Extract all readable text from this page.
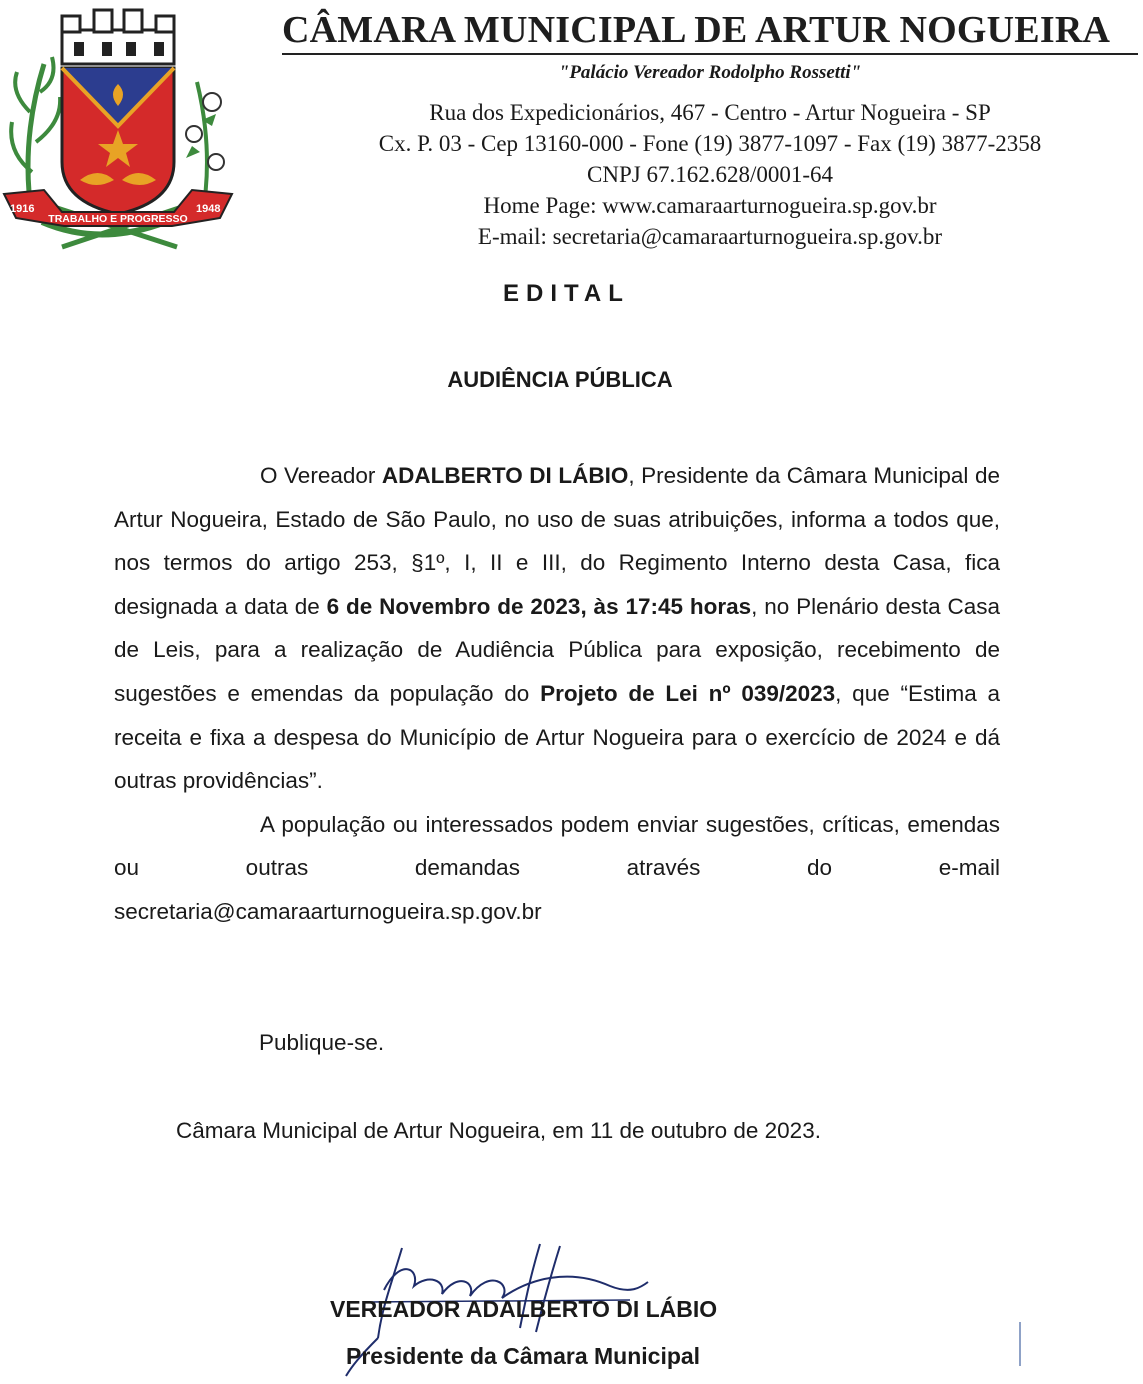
1916
TRABALHO E PROGRESSO
1948
CÂMARA MUNICIPAL DE ARTUR NOGUEIRA
"Palácio Vereador Rodolpho Rossetti"
Rua dos Expedicionários, 467 - Centro - Artur Nogueira - SP
Cx. P. 03 - Cep 13160-000 - Fone (19) 3877-1097 - Fax (19) 3877-2358
CNPJ 67.162.628/0001-64
Home Page: www.camaraarturnogueira.sp.gov.br
E-mail: secretaria@camaraarturnogueira.sp.gov.br
EDITAL
AUDIÊNCIA PÚBLICA

O Vereador ADALBERTO DI LÁBIO, Presidente da Câmara Municipal de Artur Nogueira, Estado de São Paulo, no uso de suas atribuições, informa a todos que, nos termos do artigo 253, §1º, I, II e III, do Regimento Interno desta Casa, fica designada a data de 6 de Novembro de 2023, às 17:45 horas, no Plenário desta Casa de Leis, para a realização de Audiência Pública para exposição, recebimento de sugestões e emendas da população do Projeto de Lei nº 039/2023, que “Estima a receita e fixa a despesa do Município de Artur Nogueira para o exercício de 2024 e dá outras providências”.

A população ou interessados podem enviar sugestões, críticas, emendas ou outras demandas através do e-mail

secretaria@camaraarturnogueira.sp.gov.br

Publique-se.
Câmara Municipal de Artur Nogueira, em 11 de outubro de 2023.
VEREADOR ADALBERTO DI LÁBIO
Presidente da Câmara Municipal
